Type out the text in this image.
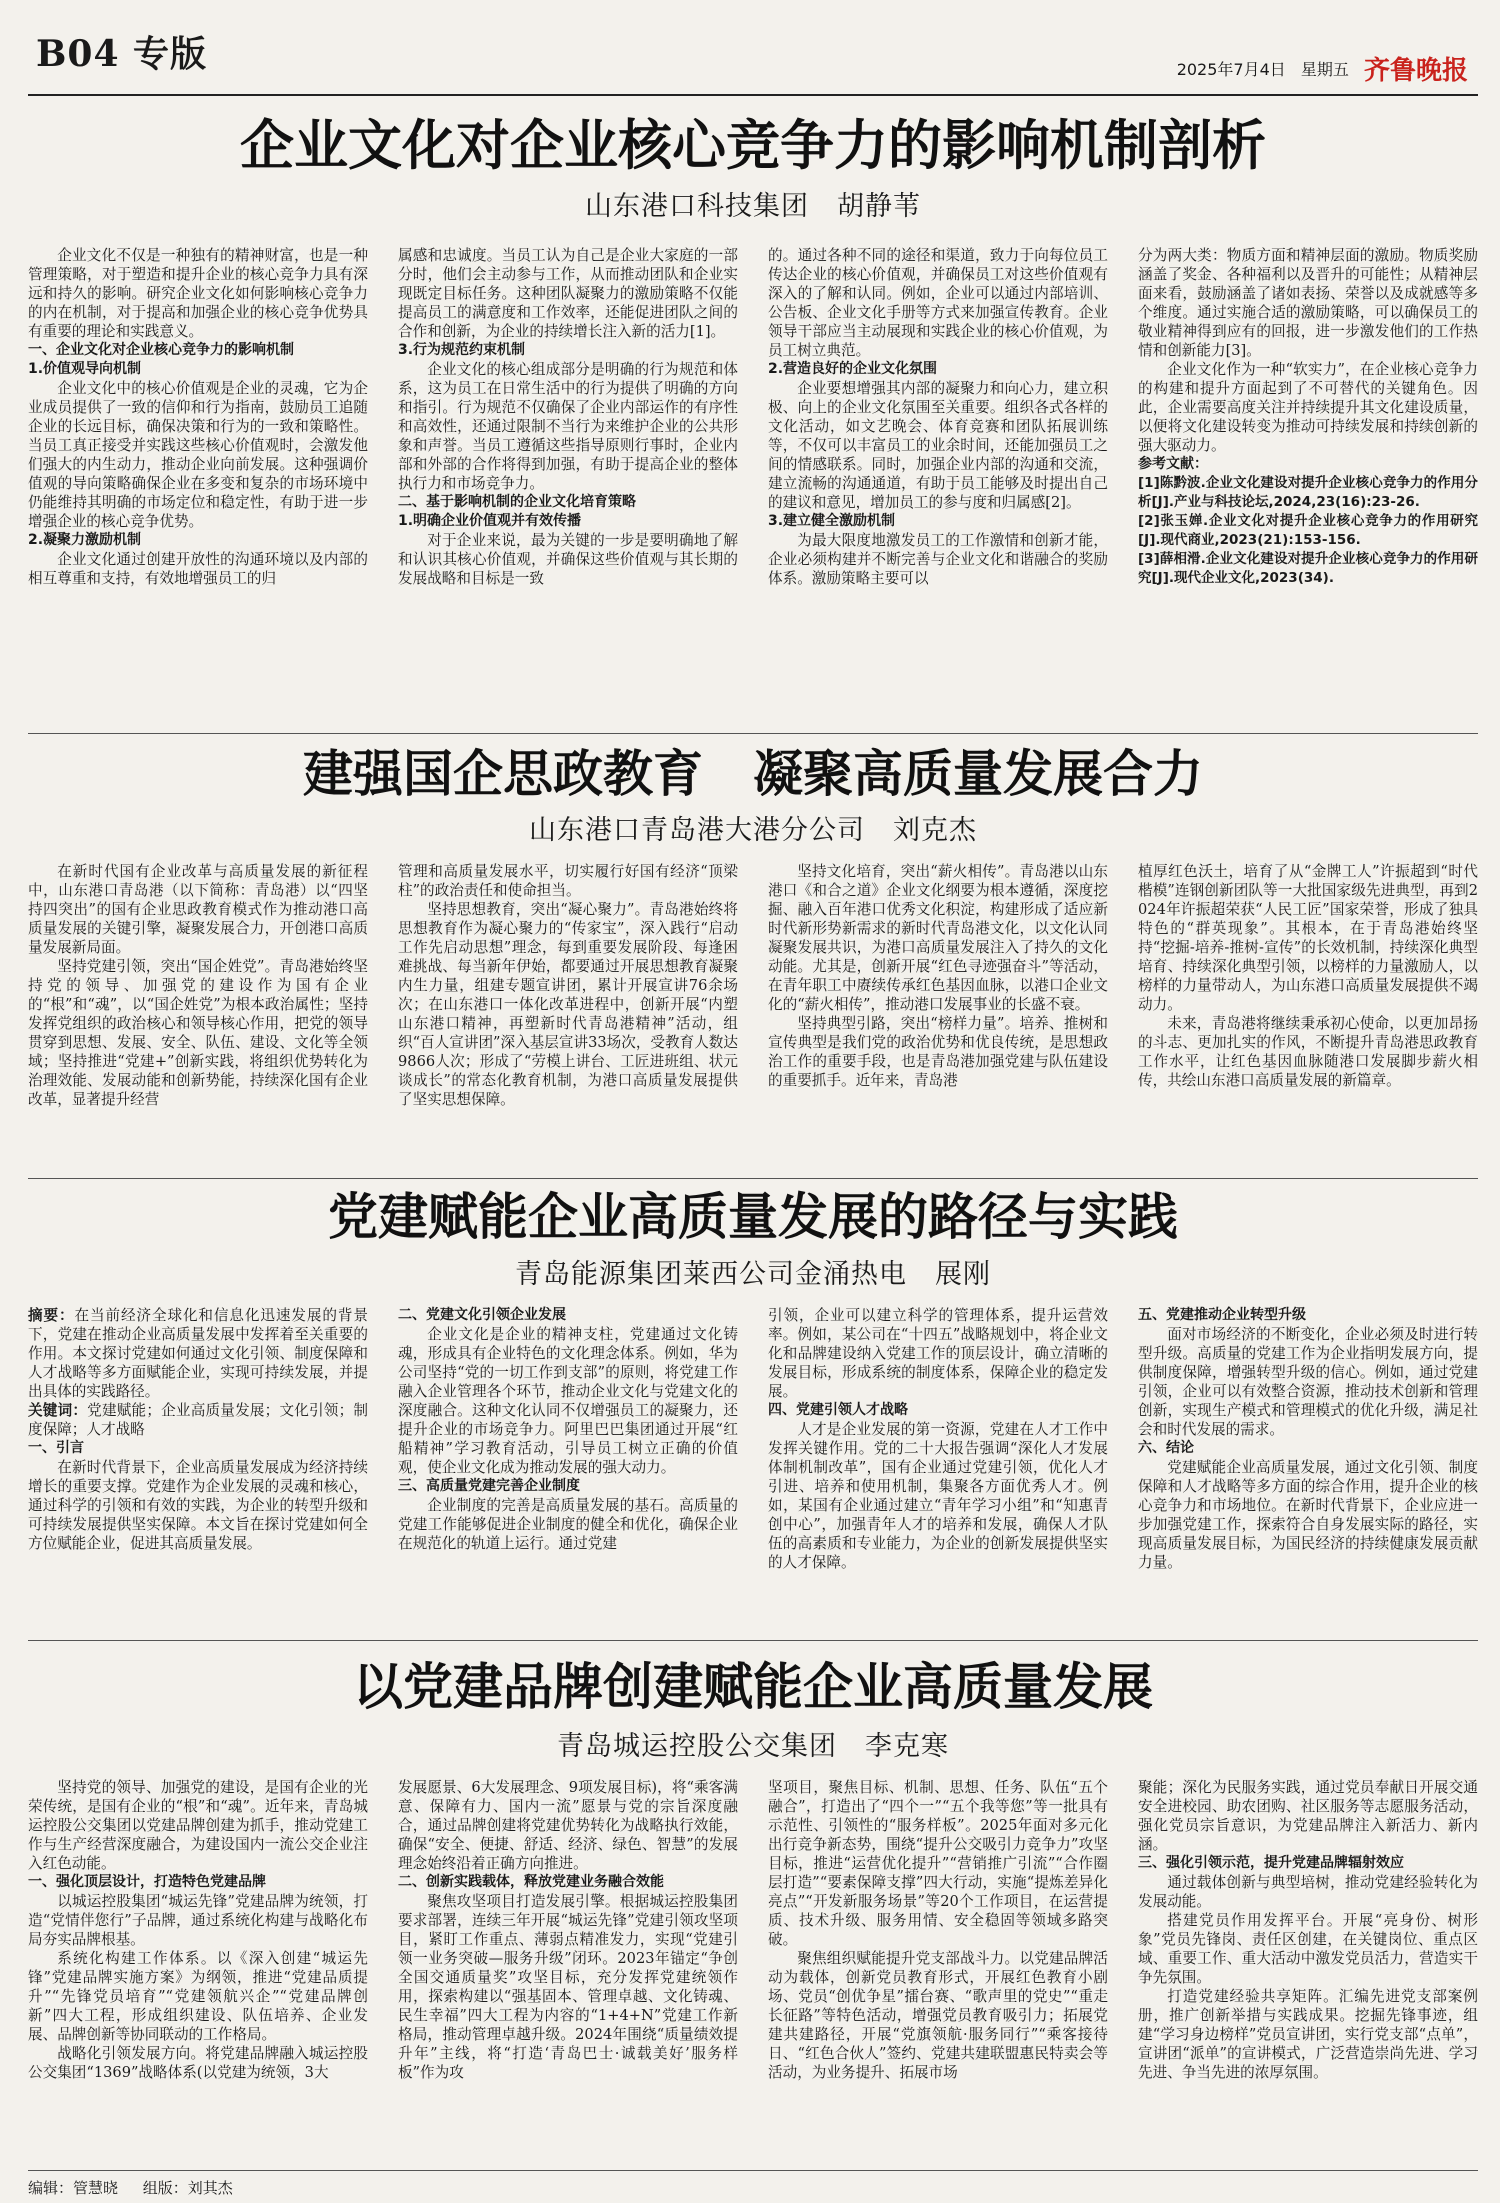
B04 专版	2025年7月4日 星期五 齐鲁晚报
企业文化对企业核心竞争力的影响机制剖析

山东港口科技集团　胡静苇

企业文化不仅是一种独有的精神财富，也是一种管理策略，对于塑造和提升企业的核心竞争力具有深远和持久的影响。研究企业文化如何影响核心竞争力的内在机制，对于提高和加强企业的核心竞争优势具有重要的理论和实践意义。

一、企业文化对企业核心竞争力的影响机制

1.价值观导向机制

企业文化中的核心价值观是企业的灵魂，它为企业成员提供了一致的信仰和行为指南，鼓励员工追随企业的长远目标，确保决策和行为的一致和策略性。当员工真正接受并实践这些核心价值观时，会激发他们强大的内生动力，推动企业向前发展。这种强调价值观的导向策略确保企业在多变和复杂的市场环境中仍能维持其明确的市场定位和稳定性，有助于进一步增强企业的核心竞争优势。

2.凝聚力激励机制

企业文化通过创建开放性的沟通环境以及内部的相互尊重和支持，有效地增强员工的归

属感和忠诚度。当员工认为自己是企业大家庭的一部分时，他们会主动参与工作，从而推动团队和企业实现既定目标任务。这种团队凝聚力的激励策略不仅能提高员工的满意度和工作效率，还能促进团队之间的合作和创新，为企业的持续增长注入新的活力[1]。

3.行为规范约束机制

企业文化的核心组成部分是明确的行为规范和体系，这为员工在日常生活中的行为提供了明确的方向和指引。行为规范不仅确保了企业内部运作的有序性和高效性，还通过限制不当行为来维护企业的公共形象和声誉。当员工遵循这些指导原则行事时，企业内部和外部的合作将得到加强，有助于提高企业的整体执行力和市场竞争力。

二、基于影响机制的企业文化培育策略

1.明确企业价值观并有效传播

对于企业来说，最为关键的一步是要明确地了解和认识其核心价值观，并确保这些价值观与其长期的发展战略和目标是一致

的。通过各种不同的途径和渠道，致力于向每位员工传达企业的核心价值观，并确保员工对这些价值观有深入的了解和认同。例如，企业可以通过内部培训、公告板、企业文化手册等方式来加强宣传教育。企业领导干部应当主动展现和实践企业的核心价值观，为员工树立典范。

2.营造良好的企业文化氛围

企业要想增强其内部的凝聚力和向心力，建立积极、向上的企业文化氛围至关重要。组织各式各样的文化活动，如文艺晚会、体育竞赛和团队拓展训练等，不仅可以丰富员工的业余时间，还能加强员工之间的情感联系。同时，加强企业内部的沟通和交流，建立流畅的沟通通道，有助于员工能够及时提出自己的建议和意见，增加员工的参与度和归属感[2]。

3.建立健全激励机制

为最大限度地激发员工的工作激情和创新才能，企业必须构建并不断完善与企业文化和谐融合的奖励体系。激励策略主要可以

分为两大类：物质方面和精神层面的激励。物质奖励涵盖了奖金、各种福利以及晋升的可能性；从精神层面来看，鼓励涵盖了诸如表扬、荣誉以及成就感等多个维度。通过实施合适的激励策略，可以确保员工的敬业精神得到应有的回报，进一步激发他们的工作热情和创新能力[3]。

企业文化作为一种“软实力”，在企业核心竞争力的构建和提升方面起到了不可替代的关键角色。因此，企业需要高度关注并持续提升其文化建设质量，以便将文化建设转变为推动可持续发展和持续创新的强大驱动力。

参考文献：

[1]陈黔波.企业文化建设对提升企业核心竞争力的作用分析[J].产业与科技论坛,2024,23(16):23-26.

[2]张玉婵.企业文化对提升企业核心竞争力的作用研究[J].现代商业,2023(21):153-156.

[3]薛相滑.企业文化建设对提升企业核心竞争力的作用研究[J].现代企业文化,2023(34).

建强国企思政教育　凝聚高质量发展合力

山东港口青岛港大港分公司　刘克杰

在新时代国有企业改革与高质量发展的新征程中，山东港口青岛港（以下简称：青岛港）以“四坚持四突出”的国有企业思政教育模式作为推动港口高质量发展的关键引擎，凝聚发展合力，开创港口高质量发展新局面。

坚持党建引领，突出“国企姓党”。青岛港始终坚持党的领导、加强党的建设作为国有企业的“根”和“魂”，以“国企姓党”为根本政治属性；坚持发挥党组织的政治核心和领导核心作用，把党的领导贯穿到思想、发展、安全、队伍、建设、文化等全领域；坚持推进“党建+”创新实践，将组织优势转化为治理效能、发展动能和创新势能，持续深化国有企业改革，显著提升经营

管理和高质量发展水平，切实履行好国有经济“顶梁柱”的政治责任和使命担当。

坚持思想教育，突出“凝心聚力”。青岛港始终将思想教育作为凝心聚力的“传家宝”，深入践行“启动工作先启动思想”理念，每到重要发展阶段、每逢困难挑战、每当新年伊始，都要通过开展思想教育凝聚内生力量，组建专题宣讲团，累计开展宣讲76余场次；在山东港口一体化改革进程中，创新开展“内塑山东港口精神，再塑新时代青岛港精神”活动，组织“百人宣讲团”深入基层宣讲33场次，受教育人数达9866人次；形成了“劳模上讲台、工匠进班组、状元谈成长”的常态化教育机制，为港口高质量发展提供了坚实思想保障。

坚持文化培育，突出“薪火相传”。青岛港以山东港口《和合之道》企业文化纲要为根本遵循，深度挖掘、融入百年港口优秀文化积淀，构建形成了适应新时代新形势新需求的新时代青岛港文化，以文化认同凝聚发展共识，为港口高质量发展注入了持久的文化动能。尤其是，创新开展“红色寻迹强奋斗”等活动，在青年职工中赓续传承红色基因血脉，以港口企业文化的“薪火相传”，推动港口发展事业的长盛不衰。

坚持典型引路，突出“榜样力量”。培养、推树和宣传典型是我们党的政治优势和优良传统，是思想政治工作的重要手段，也是青岛港加强党建与队伍建设的重要抓手。近年来，青岛港

植厚红色沃土，培育了从“金牌工人”许振超到“时代楷模”连钢创新团队等一大批国家级先进典型，再到2024年许振超荣获“人民工匠”国家荣誉，形成了独具特色的“群英现象”。其根本，在于青岛港始终坚持“挖掘-培养-推树-宣传”的长效机制，持续深化典型培育、持续深化典型引领，以榜样的力量激励人，以榜样的力量带动人，为山东港口高质量发展提供不竭动力。

未来，青岛港将继续秉承初心使命，以更加昂扬的斗志、更加扎实的作风，不断提升青岛港思政教育工作水平，让红色基因血脉随港口发展脚步薪火相传，共绘山东港口高质量发展的新篇章。

党建赋能企业高质量发展的路径与实践

青岛能源集团莱西公司金涌热电　展刚

摘要：在当前经济全球化和信息化迅速发展的背景下，党建在推动企业高质量发展中发挥着至关重要的作用。本文探讨党建如何通过文化引领、制度保障和人才战略等多方面赋能企业，实现可持续发展，并提出具体的实践路径。

关键词：党建赋能；企业高质量发展；文化引领；制度保障；人才战略

一、引言

在新时代背景下，企业高质量发展成为经济持续增长的重要支撑。党建作为企业发展的灵魂和核心，通过科学的引领和有效的实践，为企业的转型升级和可持续发展提供坚实保障。本文旨在探讨党建如何全方位赋能企业，促进其高质量发展。

二、党建文化引领企业发展

企业文化是企业的精神支柱，党建通过文化铸魂，形成具有企业特色的文化理念体系。例如，华为公司坚持“党的一切工作到支部”的原则，将党建工作融入企业管理各个环节，推动企业文化与党建文化的深度融合。这种文化认同不仅增强员工的凝聚力，还提升企业的市场竞争力。阿里巴巴集团通过开展“红船精神”学习教育活动，引导员工树立正确的价值观，使企业文化成为推动发展的强大动力。

三、高质量党建完善企业制度

企业制度的完善是高质量发展的基石。高质量的党建工作能够促进企业制度的健全和优化，确保企业在规范化的轨道上运行。通过党建

引领，企业可以建立科学的管理体系，提升运营效率。例如，某公司在“十四五”战略规划中，将企业文化和品牌建设纳入党建工作的顶层设计，确立清晰的发展目标，形成系统的制度体系，保障企业的稳定发展。

四、党建引领人才战略

人才是企业发展的第一资源，党建在人才工作中发挥关键作用。党的二十大报告强调“深化人才发展体制机制改革”，国有企业通过党建引领，优化人才引进、培养和使用机制，集聚各方面优秀人才。例如，某国有企业通过建立“青年学习小组”和“知惠青创中心”，加强青年人才的培养和发展，确保人才队伍的高素质和专业能力，为企业的创新发展提供坚实的人才保障。

五、党建推动企业转型升级

面对市场经济的不断变化，企业必须及时进行转型升级。高质量的党建工作为企业指明发展方向，提供制度保障，增强转型升级的信心。例如，通过党建引领，企业可以有效整合资源，推动技术创新和管理创新，实现生产模式和管理模式的优化升级，满足社会和时代发展的需求。

六、结论

党建赋能企业高质量发展，通过文化引领、制度保障和人才战略等多方面的综合作用，提升企业的核心竞争力和市场地位。在新时代背景下，企业应进一步加强党建工作，探索符合自身发展实际的路径，实现高质量发展目标，为国民经济的持续健康发展贡献力量。

以党建品牌创建赋能企业高质量发展

青岛城运控股公交集团　李克寒

坚持党的领导、加强党的建设，是国有企业的光荣传统，是国有企业的“根”和“魂”。近年来，青岛城运控股公交集团以党建品牌创建为抓手，推动党建工作与生产经营深度融合，为建设国内一流公交企业注入红色动能。

一、强化顶层设计，打造特色党建品牌

以城运控股集团“城运先锋”党建品牌为统领，打造“党情伴您行”子品牌，通过系统化构建与战略化布局夯实品牌根基。

系统化构建工作体系。以《深入创建“城运先锋”党建品牌实施方案》为纲领，推进“党建品质提升”“先锋党员培育”“党建领航兴企”“党建品牌创新”四大工程，形成组织建设、队伍培养、企业发展、品牌创新等协同联动的工作格局。

战略化引领发展方向。将党建品牌融入城运控股公交集团“1369”战略体系(以党建为统领，3大

发展愿景、6大发展理念、9项发展目标)，将“乘客满意、保障有力、国内一流”愿景与党的宗旨深度融合，通过品牌创建将党建优势转化为战略执行效能，确保“安全、便捷、舒适、经济、绿色、智慧”的发展理念始终沿着正确方向推进。

二、创新实践载体，释放党建业务融合效能

聚焦攻坚项目打造发展引擎。根据城运控股集团要求部署，连续三年开展“城运先锋”党建引领攻坚项目，紧盯工作重点、薄弱点精准发力，实现“党建引领一业务突破—服务升级”闭环。2023年锚定“争创全国交通质量奖”攻坚目标，充分发挥党建统领作用，探索构建以“强基固本、管理卓越、文化铸魂、民生幸福”四大工程为内容的“1+4+N”党建工作新格局，推动管理卓越升级。2024年围绕“质量绩效提升年”主线，将“打造‘青岛巴士·诚载美好’服务样板”作为攻

坚项目，聚焦目标、机制、思想、任务、队伍“五个融合”，打造出了“四个一”“五个我等您”等一批具有示范性、引领性的“服务样板”。2025年面对多元化出行竞争新态势，围绕“提升公交吸引力竞争力”攻坚目标，推进“运营优化提升”“营销推广引流”“合作圈层打造”“要素保障支撑”四大行动，实施“提炼差异化亮点”“开发新服务场景”等20个工作项目，在运营提质、技术升级、服务用情、安全稳固等领域多路突破。

聚焦组织赋能提升党支部战斗力。以党建品牌活动为载体，创新党员教育形式，开展红色教育小剧场、党员“创优争星”擂台赛、“歌声里的党史”“重走长征路”等特色活动，增强党员教育吸引力；拓展党建共建路径，开展“党旗领航·服务同行”“乘客接待日、“红色合伙人”签约、党建共建联盟惠民特卖会等活动，为业务提升、拓展市场

聚能；深化为民服务实践，通过党员奉献日开展交通安全进校园、助农团购、社区服务等志愿服务活动，强化党员宗旨意识，为党建品牌注入新活力、新内涵。

三、强化引领示范，提升党建品牌辐射效应

通过载体创新与典型培树，推动党建经验转化为发展动能。

搭建党员作用发挥平台。开展“亮身份、树形象”党员先锋岗、责任区创建，在关键岗位、重点区域、重要工作、重大活动中激发党员活力，营造实干争先氛围。

打造党建经验共享矩阵。汇编先进党支部案例册，推广创新举措与实践成果。挖掘先锋事迹，组建“学习身边榜样”党员宣讲团，实行党支部“点单”，宣讲团“派单”的宣讲模式，广泛营造崇尚先进、学习先进、争当先进的浓厚氛围。

编辑：管慧晓 组版：刘其杰
